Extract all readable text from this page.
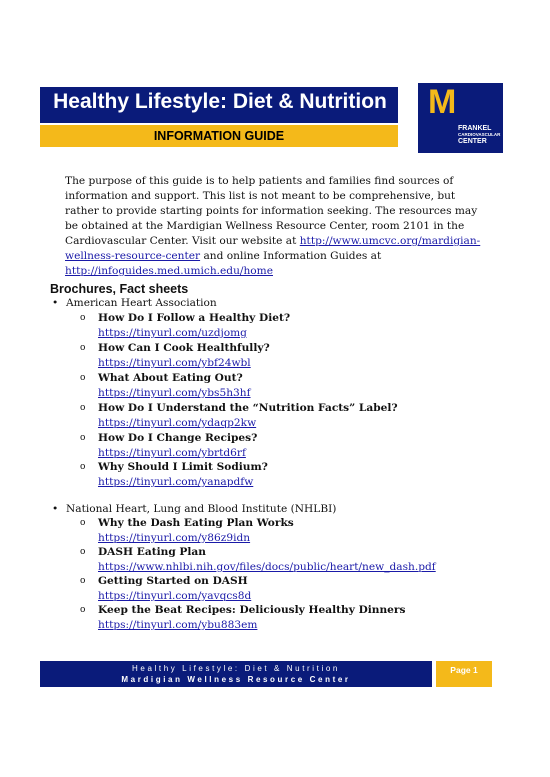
Healthy Lifestyle: Diet & Nutrition
INFORMATION GUIDE
M
FRANKEL
CARDIOVASCULAR
CENTER
The purpose of this guide is to help patients and families find sources of information and support. This list is not meant to be comprehensive, but rather to provide starting points for information seeking. The resources may be obtained at the Mardigian Wellness Resource Center, room 2101 in the Cardiovascular Center. Visit our website at http://www.umcvc.org/mardigian-wellness-resource-center and online Information Guides at http://infoguides.med.umich.edu/home
Brochures, Fact sheets
• American Heart Association
o How Do I Follow a Healthy Diet?
https://tinyurl.com/uzdjomg
o How Can I Cook Healthfully?
https://tinyurl.com/ybf24wbl
o What About Eating Out?
https://tinyurl.com/ybs5h3hf
o How Do I Understand the “Nutrition Facts” Label?
https://tinyurl.com/ydaqp2kw
o How Do I Change Recipes?
https://tinyurl.com/ybrtd6rf
o Why Should I Limit Sodium?
https://tinyurl.com/yanapdfw
• National Heart, Lung and Blood Institute (NHLBI)
o Why the Dash Eating Plan Works
https://tinyurl.com/y86z9idn
o DASH Eating Plan
https://www.nhlbi.nih.gov/files/docs/public/heart/new_dash.pdf
o Getting Started on DASH
https://tinyurl.com/yavqcs8d
o Keep the Beat Recipes: Deliciously Healthy Dinners
https://tinyurl.com/ybu883em
Healthy Lifestyle: Diet & Nutrition
Mardigian Wellness Resource Center
Page 1
